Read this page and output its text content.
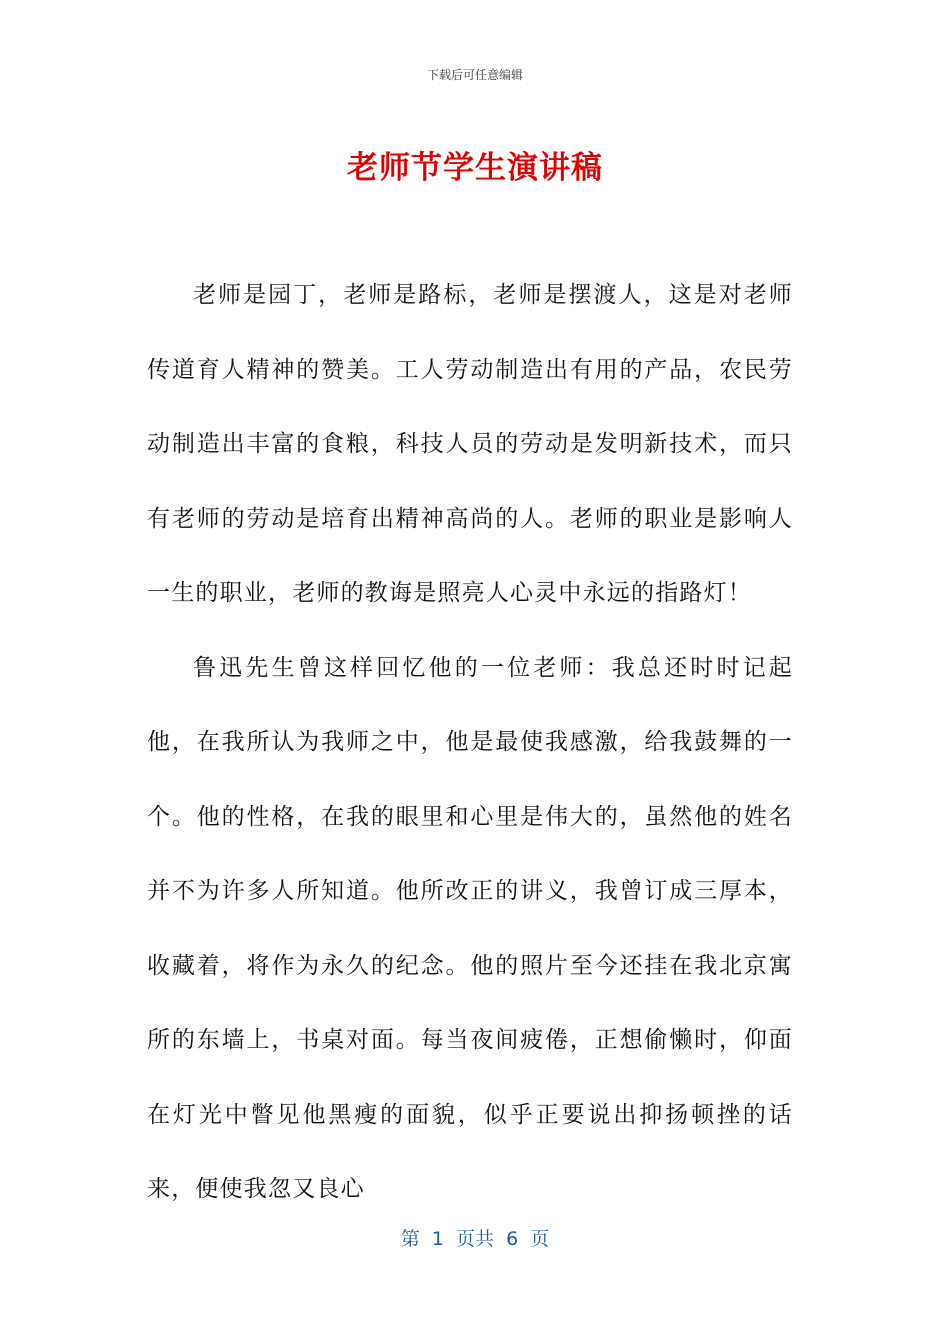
下载后可任意编辑
老师节学生演讲稿

老师是园丁，老师是路标，老师是摆渡人，这是对老师传道育人精神的赞美。工人劳动制造出有用的产品，农民劳动制造出丰富的食粮，科技人员的劳动是发明新技术，而只有老师的劳动是培育出精神高尚的人。老师的职业是影响人一生的职业，老师的教诲是照亮人心灵中永远的指路灯！

鲁迅先生曾这样回忆他的一位老师：我总还时时记起他，在我所认为我师之中，他是最使我感激，给我鼓舞的一个。他的性格，在我的眼里和心里是伟大的，虽然他的姓名并不为许多人所知道。他所改正的讲义，我曾订成三厚本，收藏着，将作为永久的纪念。他的照片至今还挂在我北京寓所的东墙上，书桌对面。每当夜间疲倦，正想偷懒时，仰面在灯光中瞥见他黑瘦的面貌，似乎正要说出抑扬顿挫的话来，便使我忽又良心

第  1  页共  6  页
